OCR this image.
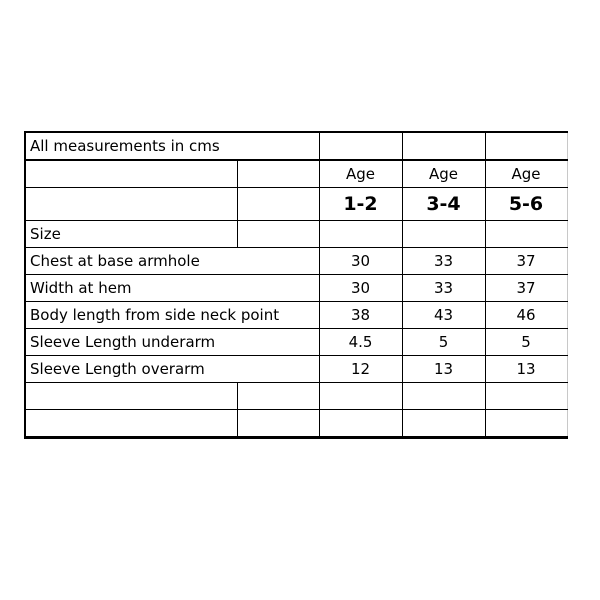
All measurements in cms				
		Age	Age	Age
		1-2	3-4	5-6
Size				
Chest at base armhole		30	33	37
Width at hem		30	33	37
Body length from side neck point		38	43	46
Sleeve Length underarm		4.5	5	5
Sleeve Length overarm		12	13	13
